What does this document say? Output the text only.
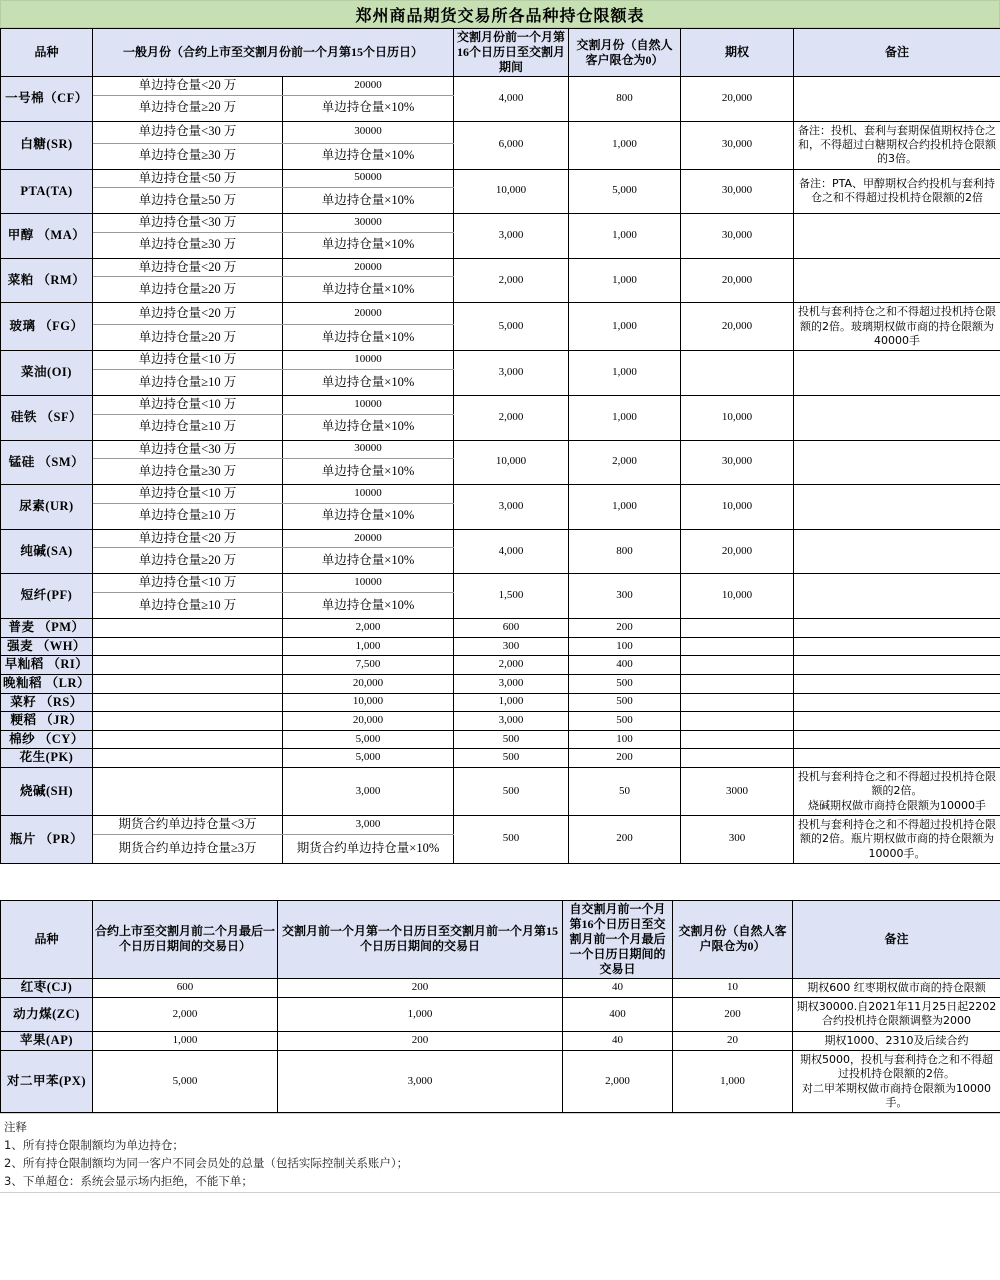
郑州商品期货交易所各品种持仓限额表
品种	一般月份（合约上市至交割月份前一个月第15个日历日）		交割月份前一个月第16个日历日至交割月期间	交割月份（自然人客户限仓为0）	期权	备注
一号棉（CF）	单边持仓量<20 万	20000	4,000	800	20,000	
	单边持仓量≥20 万	单边持仓量×10%				
白糖(SR)	单边持仓量<30 万	30000	6,000	1,000	30,000	备注：投机、套利与套期保值期权持仓之和，不得超过白糖期权合约投机持仓限额的3倍。
	单边持仓量≥30 万	单边持仓量×10%				
PTA(TA)	单边持仓量<50 万	50000	10,000	5,000	30,000	备注：PTA、甲醇期权合约投机与套利持仓之和不得超过投机持仓限额的2倍
	单边持仓量≥50 万	单边持仓量×10%				
甲醇 （MA）	单边持仓量<30 万	30000	3,000	1,000	30,000	
	单边持仓量≥30 万	单边持仓量×10%				
菜粕 （RM）	单边持仓量<20 万	20000	2,000	1,000	20,000	
	单边持仓量≥20 万	单边持仓量×10%				
玻璃 （FG）	单边持仓量<20 万	20000	5,000	1,000	20,000	投机与套利持仓之和不得超过投机持仓限额的2倍。玻璃期权做市商的持仓限额为40000手
	单边持仓量≥20 万	单边持仓量×10%				
菜油(OI)	单边持仓量<10 万	10000	3,000	1,000		
	单边持仓量≥10 万	单边持仓量×10%				
硅铁 （SF）	单边持仓量<10 万	10000	2,000	1,000	10,000	
	单边持仓量≥10 万	单边持仓量×10%				
锰硅 （SM）	单边持仓量<30 万	30000	10,000	2,000	30,000	
	单边持仓量≥30 万	单边持仓量×10%				
尿素(UR)	单边持仓量<10 万	10000	3,000	1,000	10,000	
	单边持仓量≥10 万	单边持仓量×10%				
纯碱(SA)	单边持仓量<20 万	20000	4,000	800	20,000	
	单边持仓量≥20 万	单边持仓量×10%				
短纤(PF)	单边持仓量<10 万	10000	1,500	300	10,000	
	单边持仓量≥10 万	单边持仓量×10%				
普麦 （PM）		2,000	600	200		
强麦 （WH）		1,000	300	100		
早籼稻 （RI）		7,500	2,000	400		
晚籼稻 （LR）		20,000	3,000	500		
菜籽 （RS）		10,000	1,000	500		
粳稻 （JR）		20,000	3,000	500		
棉纱 （CY）		5,000	500	100		
花生(PK)		5,000	500	200		
烧碱(SH)		3,000	500	50	3000	投机与套利持仓之和不得超过投机持仓限额的2倍。
烧碱期权做市商持仓限额为10000手
瓶片 （PR）	期货合约单边持仓量<3万	3,000	500	200	300	投机与套利持仓之和不得超过投机持仓限额的2倍。瓶片期权做市商的持仓限额为10000手。
	期货合约单边持仓量≥3万	期货合约单边持仓量×10%				
品种	合约上市至交割月前二个月最后一个日历日期间的交易日）	交割月前一个月第一个日历日至交割月前一个月第15个日历日期间的交易日	自交割月前一个月第16个日历日至交割月前一个月最后一个日历日期间的交易日	交割月份（自然人客户限仓为0）	备注
红枣(CJ)	600	200	40	10	期权600 红枣期权做市商的持仓限额
动力煤(ZC)	2,000	1,000	400	200	期权30000.自2021年11月25日起2202合约投机持仓限额调整为2000
苹果(AP)	1,000	200	40	20	期权1000、2310及后续合约
对二甲苯(PX)	5,000	3,000	2,000	1,000	期权5000，投机与套利持仓之和不得超过投机持仓限额的2倍。
对二甲苯期权做市商持仓限额为10000手。
注释
1、所有持仓限制额均为单边持仓；
2、所有持仓限制额均为同一客户不同会员处的总量（包括实际控制关系账户）；
3、下单超仓：系统会显示场内拒绝，不能下单；
